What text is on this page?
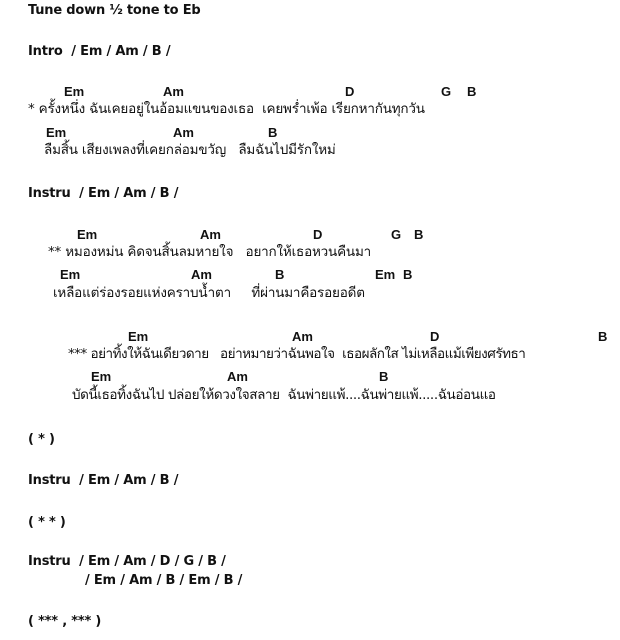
Tune down ½ tone to Eb
Intro  / Em / Am / B /
Em	Am	D	G B
* ครั้งหนึ่ง ฉันเคยอยู่ในอ้อมแขนของเธอ  เคยพร่ำเพ้อ เรียกหากันทุกวัน
Em	Am	B
ลืมสิ้น เสียงเพลงที่เคยกล่อมขวัญ   ลืมฉันไปมีรักใหม่
Instru  / Em / Am / B /
Em	Am	D	G B
** หมองหม่น คิดจนสิ้นลมหายใจ   อยากให้เธอหวนคืนมา
Em	Am	B	Em B
เหลือแต่ร่องรอยแห่งคราบน้ำตา     ที่ผ่านมาคือรอยอดีต
Em	Am	D	B
*** อย่าทิ้งให้ฉันเดียวดาย   อย่าหมายว่าฉันพอใจ  เธอผลักใส ไม่เหลือแม้เพียงศรัทธา
Em	Am	B
บัดนี้เธอทิ้งฉันไป ปล่อยให้ดวงใจสลาย  ฉันพ่ายแพ้....ฉันพ่ายแพ้.....ฉันอ่อนแอ
( * )
Instru  / Em / Am / B /
( * * )
Instru  / Em / Am / D / G / B /
/ Em / Am / B / Em / B /
( *** , *** )
